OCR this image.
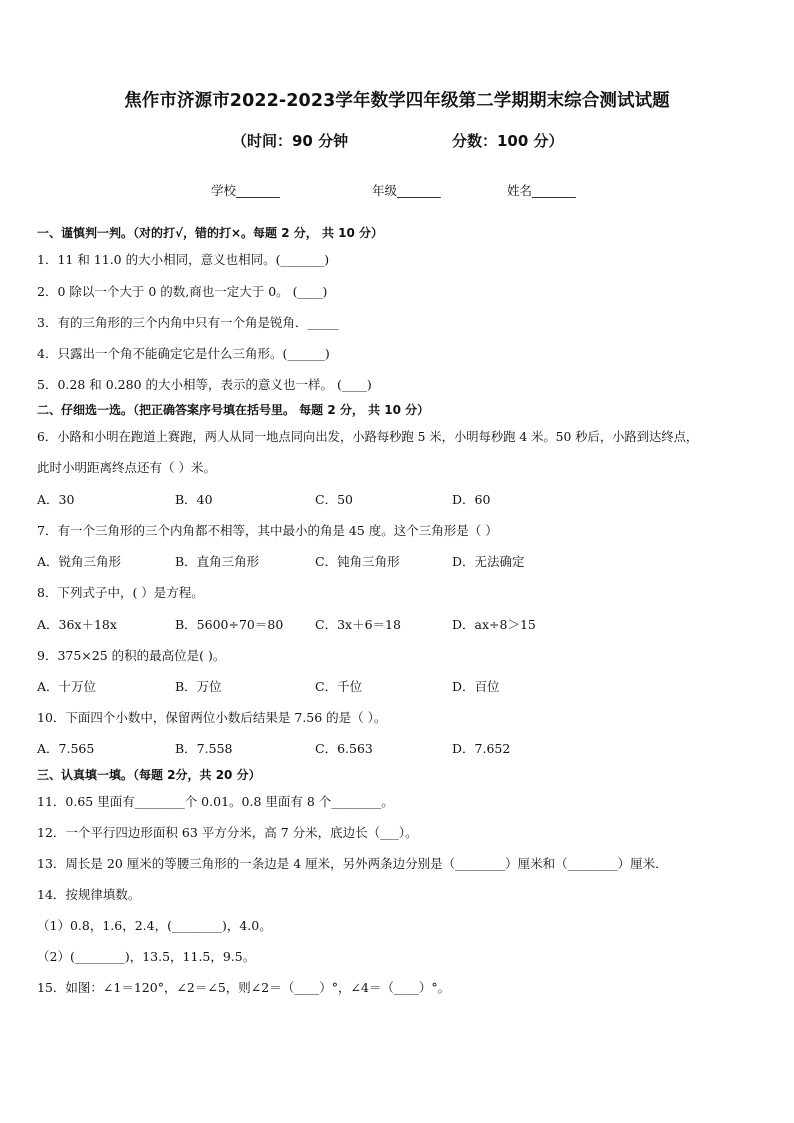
焦作市济源市2022-2023学年数学四年级第二学期期末综合测试试题
（时间：90 分钟	分数：100 分）
学校_______	年级_______	姓名_______
一、谨慎判一判。（对的打√，错的打×。每题 2 分， 共 10 分）
1．11 和 11.0 的大小相同，意义也相同。(_______)
2．0 除以一个大于 0 的数,商也一定大于 0。 (____)
3．有的三角形的三个内角中只有一个角是锐角．_____
4．只露出一个角不能确定它是什么三角形。(______)
5．0.28 和 0.280 的大小相等，表示的意义也一样。 (____)
二、仔细选一选。（把正确答案序号填在括号里。 每题 2 分， 共 10 分）
6．小路和小明在跑道上赛跑，两人从同一地点同向出发，小路每秒跑 5 米，小明每秒跑 4 米。50 秒后，小路到达终点，
此时小明距离终点还有（ ）米。
A．30	B．40	C．50	D．60
7．有一个三角形的三个内角都不相等，其中最小的角是 45 度。这个三角形是（ ）
A．锐角三角形	B．直角三角形	C．钝角三角形	D．无法确定
8．下列式子中，( ）是方程。
A．36x＋18x	B．5600÷70＝80	C．3x＋6＝18	D．ax÷8＞15
9．375×25 的积的最高位是( )。
A．十万位	B．万位	C．千位	D．百位
10．下面四个小数中，保留两位小数后结果是 7.56 的是（ ）。
A．7.565	B．7.558	C．6.563	D．7.652
三、认真填一填。（每题 2分，共 20 分）
11．0.65 里面有________个 0.01。0.8 里面有 8 个________。
12．一个平行四边形面积 63 平方分米，高 7 分米，底边长（___）。
13．周长是 20 厘米的等腰三角形的一条边是 4 厘米，另外两条边分别是（________）厘米和（________）厘米．
14．按规律填数。
（1）0.8，1.6，2.4，(________)，4.0。
（2）(________)，13.5，11.5，9.5。
15．如图：∠1＝120°，∠2＝∠5，则∠2＝（____）°，∠4＝（____）°。
